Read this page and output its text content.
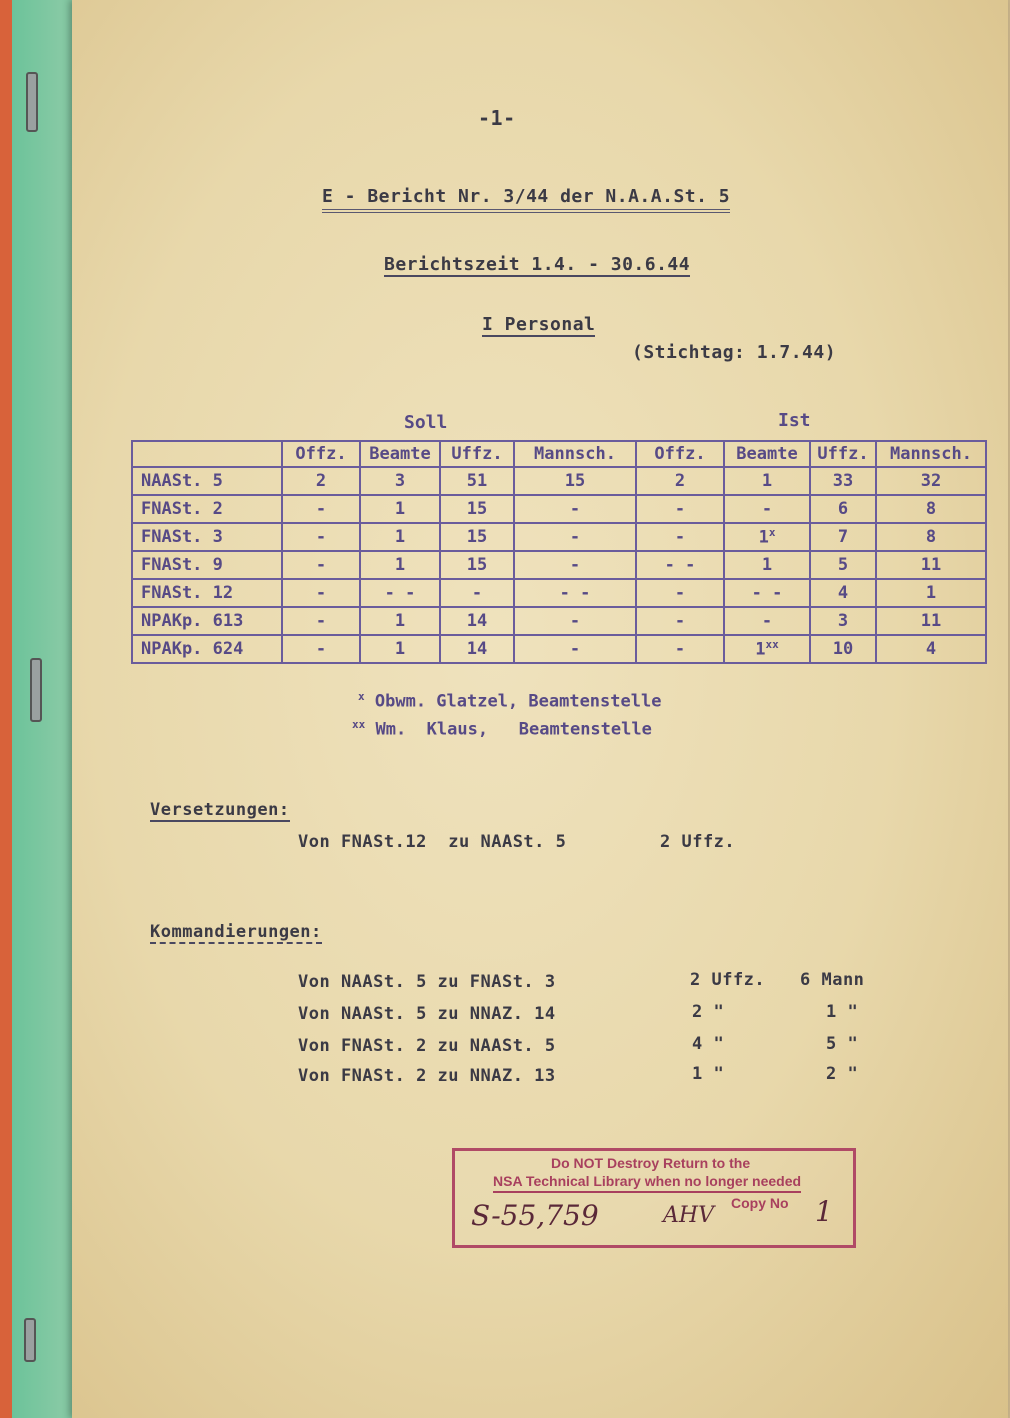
-1-
E - Bericht Nr. 3/44 der N.A.A.St. 5
Berichtszeit 1.4. - 30.6.44
I Personal
(Stichtag: 1.7.44)
Soll	Ist
	Offz.	Beamte	Uffz.	Mannsch.	Offz.	Beamte	Uffz.	Mannsch.
NAASt. 5	2	3	51	15	2	1	33	32
FNASt. 2	-	1	15	-	-	-	6	8
FNASt. 3	-	1	15	-	-	1$^x$	7	8
FNASt. 9	-	1	15	-	- -	1	5	11
FNASt. 12	-	- -	-	- -	-	- -	4	1
NPAKp. 613	-	1	14	-	-	-	3	11
NPAKp. 624	-	1	14	-	-	1$^{xx}$	10	4
$^x$ Obwm. Glatzel, Beamtenstelle
$^{xx}$ Wm.  Klaus,   Beamtenstelle
Versetzungen:
Von FNASt.12  zu NAASt. 5	2 Uffz.
Kommandierungen:
Von NAASt. 5 zu FNASt. 3	2 Uffz. 6 Mann
Von NAASt. 5 zu NNAZ. 14	2 "	1 "
Von FNASt. 2 zu NAASt. 5	4 "	5 "
Von FNASt. 2 zu NNAZ. 13	1 "	2 "
Do NOT Destroy Return to the
NSA Technical Library when no longer needed
S-55,759	AHV Copy No 1
